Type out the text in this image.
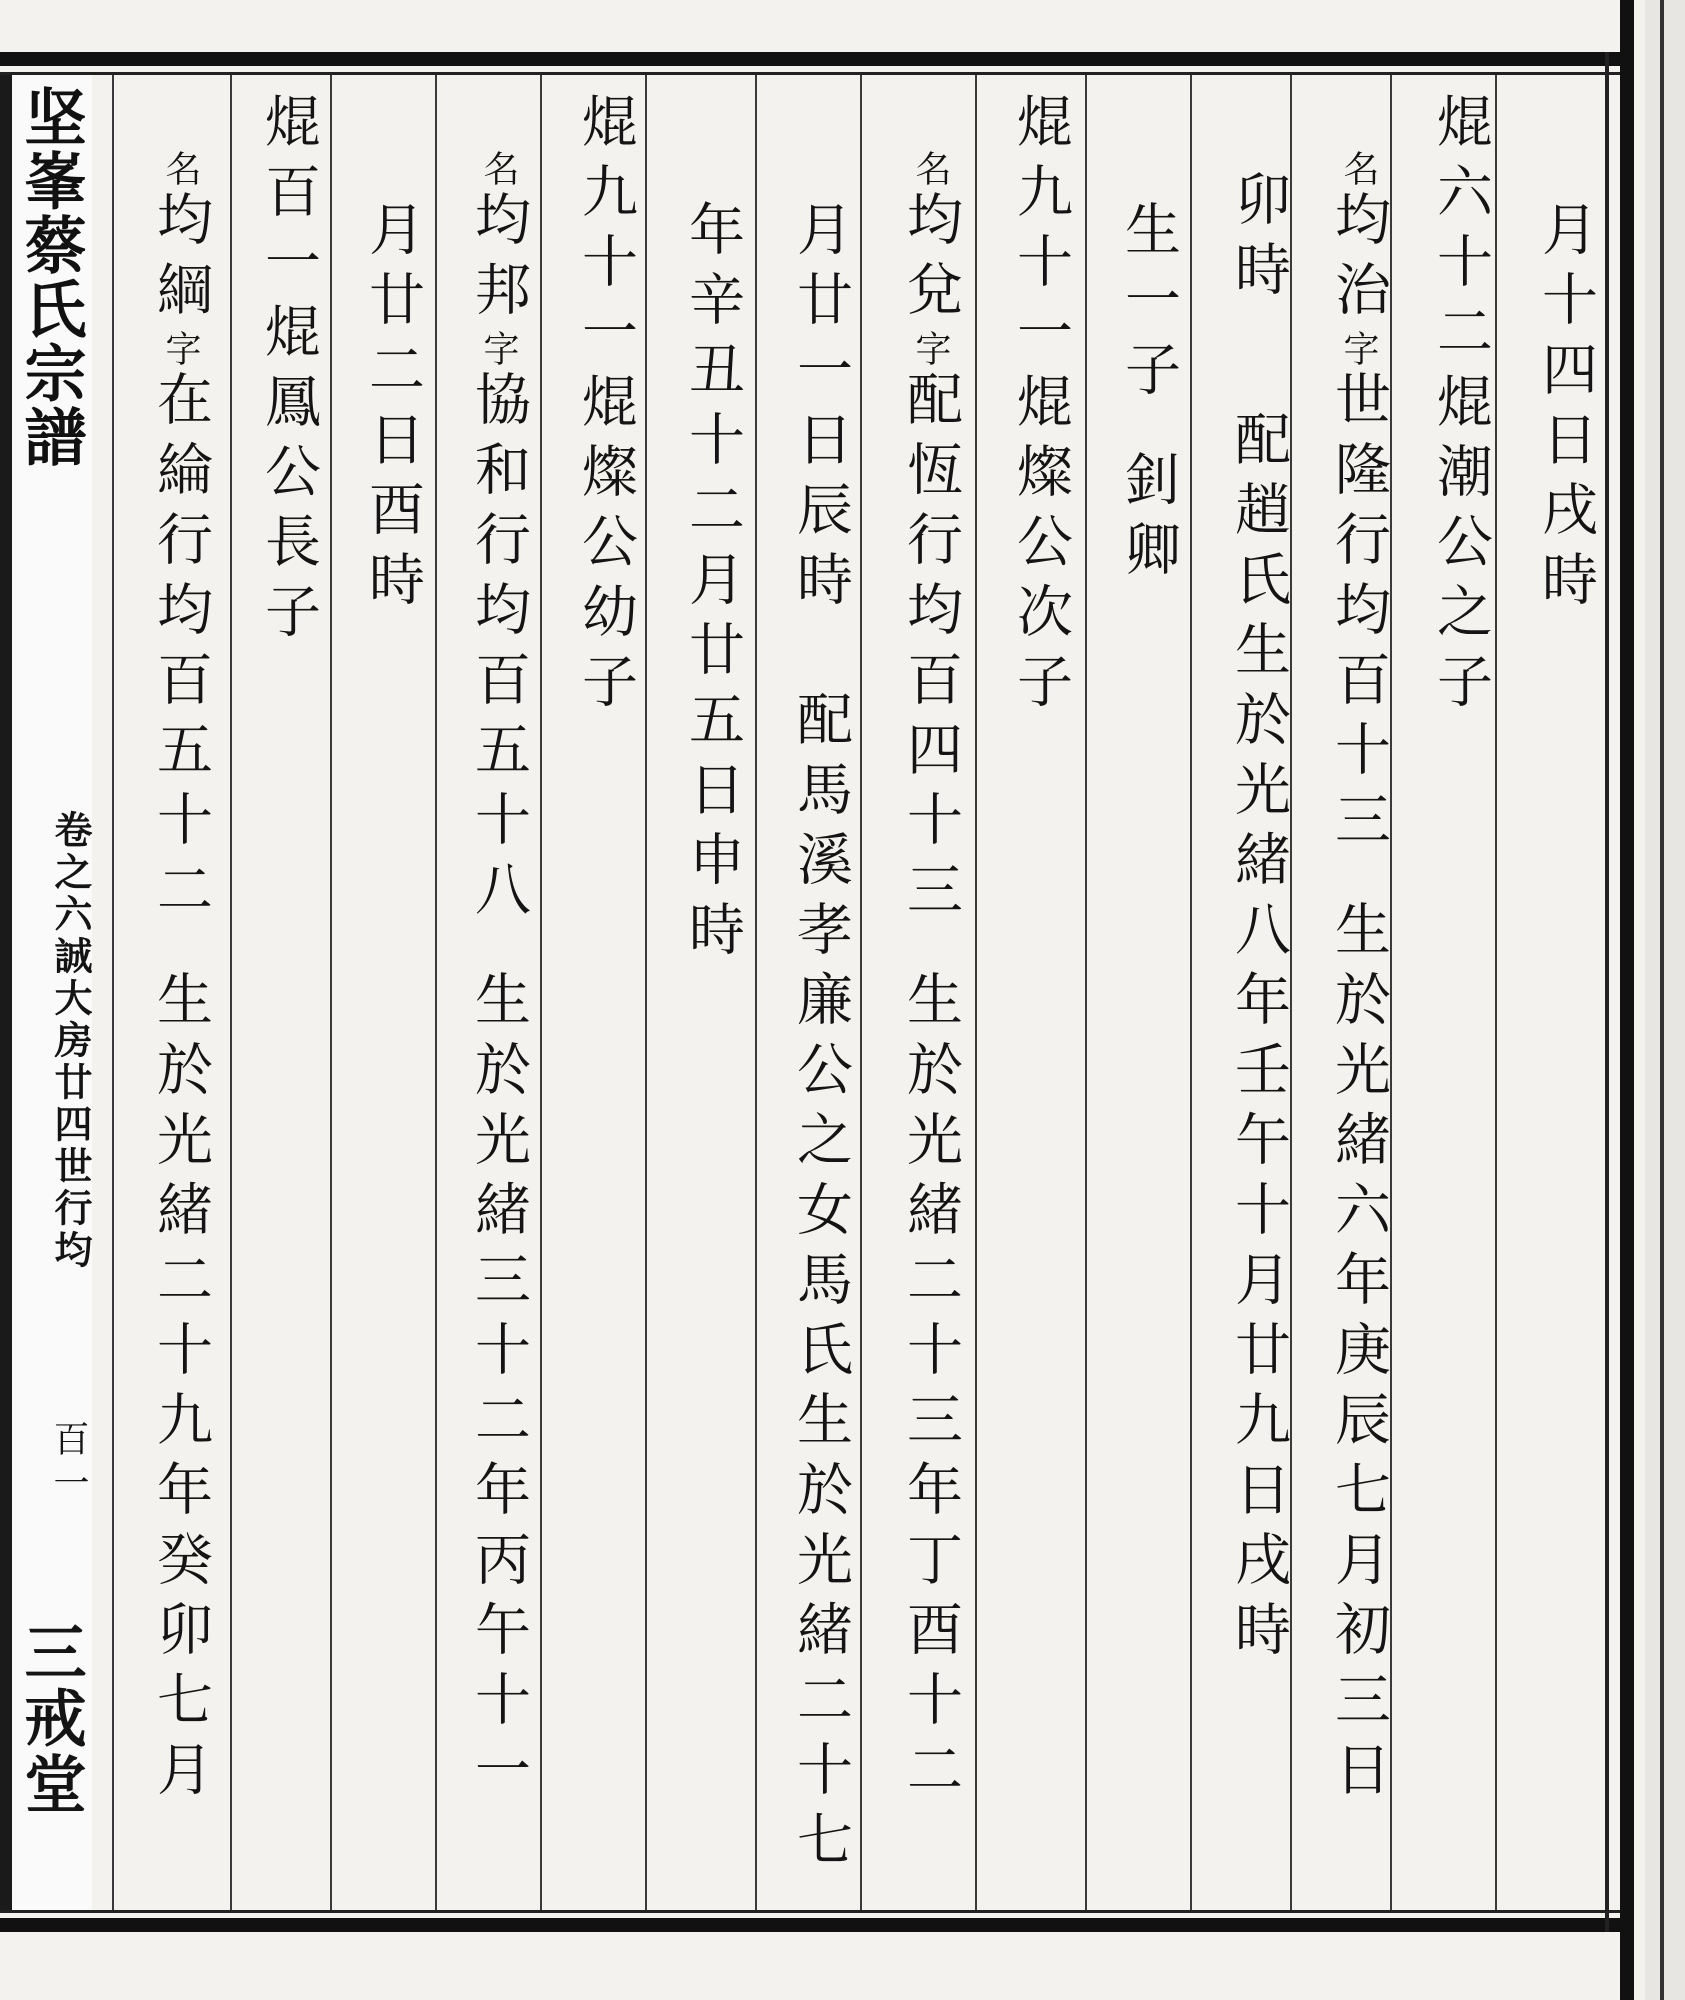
坚峯蔡氏宗譜
卷之六誠大房廿四世行均
百一
三戒堂
月十四日戌時
焜六十二焜潮公之子
名均治字世隆行均百十三生於光緒六年庚辰七月初三日
卯時配趙氏生於光緒八年壬午十月廿九日戌時
生一子釗卿
焜九十一焜燦公次子
名均兌字配恆行均百四十三生於光緒二十三年丁酉十二
月廿一日辰時配馬溪孝廉公之女馬氏生於光緒二十七
年辛丑十二月廿五日申時
焜九十一焜燦公幼子
名均邦字協和行均百五十八生於光緒三十二年丙午十一
月廿二日酉時
焜百一焜鳳公長子
名均綱字在綸行均百五十二生於光緒二十九年癸卯七月
